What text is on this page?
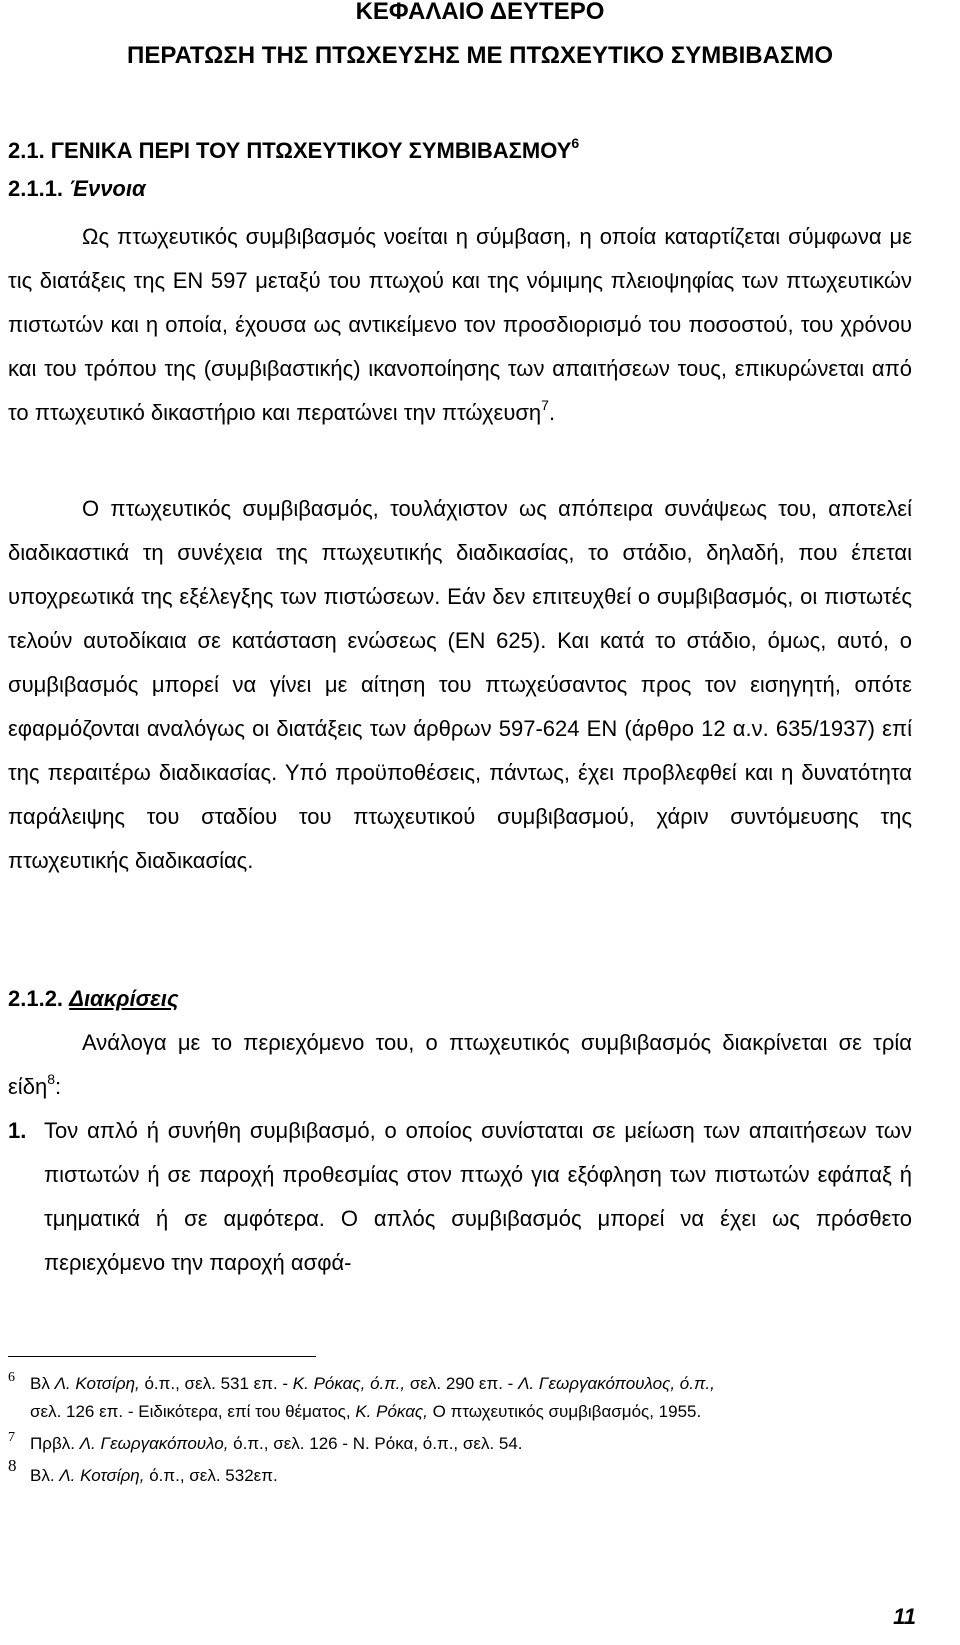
ΚΕΦΑΛΑΙΟ ΔΕΥΤΕΡΟ
ΠΕΡΑΤΩΣΗ ΤΗΣ ΠΤΩΧΕΥΣΗΣ ΜΕ ΠΤΩΧΕΥΤΙΚΟ ΣΥΜΒΙΒΑΣΜΟ
2.1. ΓΕΝΙΚΑ ΠΕΡΙ ΤΟΥ ΠΤΩΧΕΥΤΙΚΟΥ ΣΥΜΒΙΒΑΣΜΟΥ$^6$
2.1.1. Έννοια

Ως πτωχευτικός συμβιβασμός νοείται η σύμβαση, η οποία καταρτίζεται σύμφωνα με τις διατάξεις της ΕΝ 597 μεταξύ του πτωχού και της νόμιμης πλειοψηφίας των πτωχευτικών πιστωτών και η οποία, έχουσα ως αντικείμενο τον προσδιορισμό του ποσοστού, του χρόνου και του τρόπου της (συμβιβαστικής) ικανοποίησης των απαιτήσεων τους, επικυρώνεται από το πτωχευτικό δικαστήριο και περατώνει την πτώχευση$^7$.

Ο πτωχευτικός συμβιβασμός, τουλάχιστον ως απόπειρα συνάψεως του, αποτελεί διαδικαστικά τη συνέχεια της πτωχευτικής διαδικασίας, το στάδιο, δηλαδή, που έπεται υποχρεωτικά της εξέλεγξης των πιστώσεων. Εάν δεν επιτευχθεί ο συμβιβασμός, οι πιστωτές τελούν αυτοδίκαια σε κατάσταση ενώσεως (ΕΝ 625). Και κατά το στάδιο, όμως, αυτό, ο συμβιβασμός μπορεί να γίνει με αίτηση του πτωχεύσαντος προς τον εισηγητή, οπότε εφαρμόζονται αναλόγως οι διατάξεις των άρθρων 597-624 ΕΝ (άρθρο 12 α.ν. 635/1937) επί της περαιτέρω διαδικασίας. Υπό προϋποθέσεις, πάντως, έχει προβλεφθεί και η δυνατότητα παράλειψης του σταδίου του πτωχευτικού συμβιβασμού, χάριν συντόμευσης της πτωχευτικής διαδικασίας.

2.1.2. Διακρίσεις

Ανάλογα με το περιεχόμενο του, ο πτωχευτικός συμβιβασμός διακρίνεται σε τρία είδη$^8$:

1. Τον απλό ή συνήθη συμβιβασμό, ο οποίος συνίσταται σε μείωση των απαιτήσεων των πιστωτών ή σε παροχή προθεσμίας στον πτωχό για εξόφληση των πιστωτών εφάπαξ ή τμηματικά ή σε αμφότερα. Ο απλός συμβιβασμός μπορεί να έχει ως πρόσθετο περιεχόμενο την παροχή ασφά-
6 Βλ Λ. Κοτσίρη, ό.π., σελ. 531 επ. - Κ. Ρόκας, ό.π., σελ. 290 επ. - Λ. Γεωργακόπουλος, ό.π.,
σελ. 126 επ. - Ειδικότερα, επί του θέματος, Κ. Ρόκας, Ο πτωχευτικός συμβιβασμός, 1955.
7 Πρβλ. Λ. Γεωργακόπουλο, ό.π., σελ. 126 - Ν. Ρόκα, ό.π., σελ. 54.
8
Βλ. Λ. Κοτσίρη, ό.π., σελ. 532επ.
11
